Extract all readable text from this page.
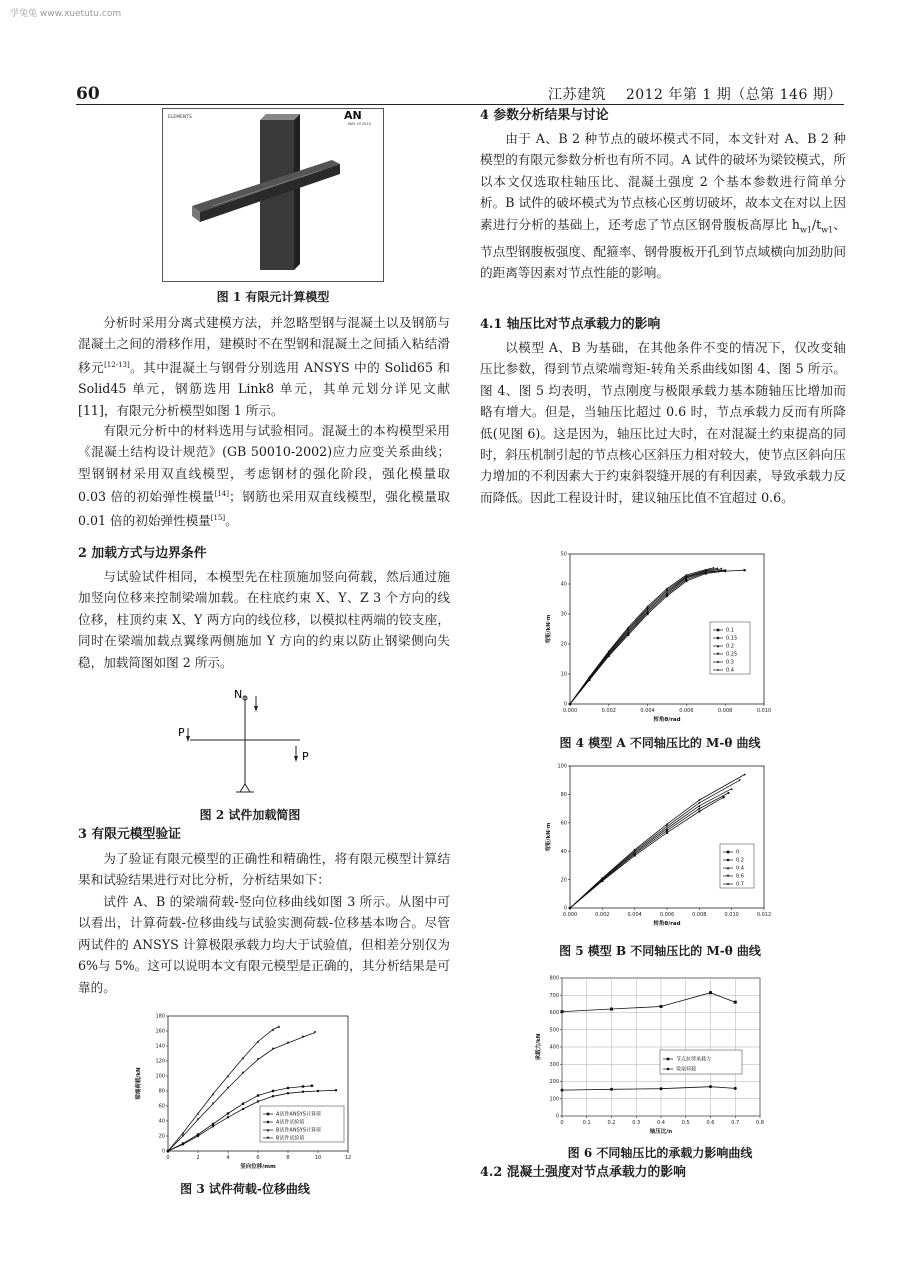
学兔兔 www.xuetutu.com
60	江苏建筑 2012 年第 1 期（总第 146 期）
ELEMENTS	AN
MAY 19 2010
图 1 有限元计算模型

分析时采用分离式建模方法，并忽略型钢与混凝土以及钢筋与混凝土之间的滑移作用，建模时不在型钢和混凝土之间插入粘结滑移元[12-13]。其中混凝土与钢骨分别选用 ANSYS 中的 Solid65 和 Solid45 单元，钢筋选用 Link8 单元，其单元划分详见文献[11]，有限元分析模型如图 1 所示。

有限元分析中的材料选用与试验相同。混凝土的本构模型采用《混凝土结构设计规范》(GB 50010-2002)应力应变关系曲线；型钢钢材采用双直线模型，考虑钢材的强化阶段，强化模量取 0.03 倍的初始弹性模量[14]；钢筋也采用双直线模型，强化模量取 0.01 倍的初始弹性模量[15]。

2 加载方式与边界条件

与试验试件相同，本模型先在柱顶施加竖向荷载，然后通过施加竖向位移来控制梁端加载。在柱底约束 X、Y、Z 3 个方向的线位移，柱顶约束 X、Y 两方向的线位移，以模拟柱两端的铰支座，同时在梁端加载点翼缘两侧施加 Y 方向的约束以防止钢梁侧向失稳，加载简图如图 2 所示。

N
P
P
图 2 试件加载简图

3 有限元模型验证

为了验证有限元模型的正确性和精确性，将有限元模型计算结果和试验结果进行对比分析，分析结果如下：

试件 A、B 的梁端荷载-竖向位移曲线如图 3 所示。从图中可以看出，计算荷载-位移曲线与试验实测荷载-位移基本吻合。尽管两试件的 ANSYS 计算极限承载力均大于试验值，但相差分别仅为 6%与 5%。这可以说明本文有限元模型是正确的，其分析结果是可靠的。

0	2	4	6	8	10	12
0
20
40
60
80
100
120
140
160
180
竖向位移/mm
梁端荷载/kN
A试件ANSYS计算值
A试件试验值
B试件ANSYS计算值
B试件试验值
图 3 试件荷载-位移曲线

4 参数分析结果与讨论

由于 A、B 2 种节点的破坏模式不同，本文针对 A、B 2 种模型的有限元参数分析也有所不同。A 试件的破坏为梁铰模式，所以本文仅选取柱轴压比、混凝土强度 2 个基本参数进行简单分析。B 试件的破坏模式为节点核心区剪切破坏，故本文在对以上因素进行分析的基础上，还考虑了节点区钢骨腹板高厚比 $h_{w1}/t_{w1}$、节点型钢腹板强度、配箍率、钢骨腹板开孔到节点域横向加劲肋间的距离等因素对节点性能的影响。

4.1 轴压比对节点承载力的影响

以模型 A、B 为基础，在其他条件不变的情况下，仅改变轴压比参数，得到节点梁端弯矩-转角关系曲线如图 4、图 5 所示。图 4、图 5 均表明，节点刚度与极限承载力基本随轴压比增加而略有增大。但是，当轴压比超过 0.6 时，节点承载力反而有所降低(见图 6)。这是因为，轴压比过大时，在对混凝土约束提高的同时，斜压机制引起的节点核心区斜压力相对较大，使节点区斜向压力增加的不利因素大于约束斜裂缝开展的有利因素，导致承载力反而降低。因此工程设计时，建议轴压比值不宜超过 0.6。

0.000	0.002	0.004	0.006	0.008	0.010
0
10
20
30
40
50
转角θ/rad
弯矩/kN·m	0.1
0.15
0.2
0.25
0.3
0.4
图 4 模型 A 不同轴压比的 M-θ 曲线
0.000	0.002	0.004	0.006	0.008	0.010	0.012
0
20
40
60
80
100
转角θ/rad
弯矩/kN·m
0
0.2
0.4
0.6
0.7
图 5 模型 B 不同轴压比的 M-θ 曲线
0	0.1	0.2	0.3	0.4	0.5	0.6	0.7	0.8
0
100
200
300
400
500
600
700
800
轴压比/n
承载力/kN	节点抗剪承载力
梁端荷载
图 6 不同轴压比的承载力影响曲线

4.2 混凝土强度对节点承载力的影响
